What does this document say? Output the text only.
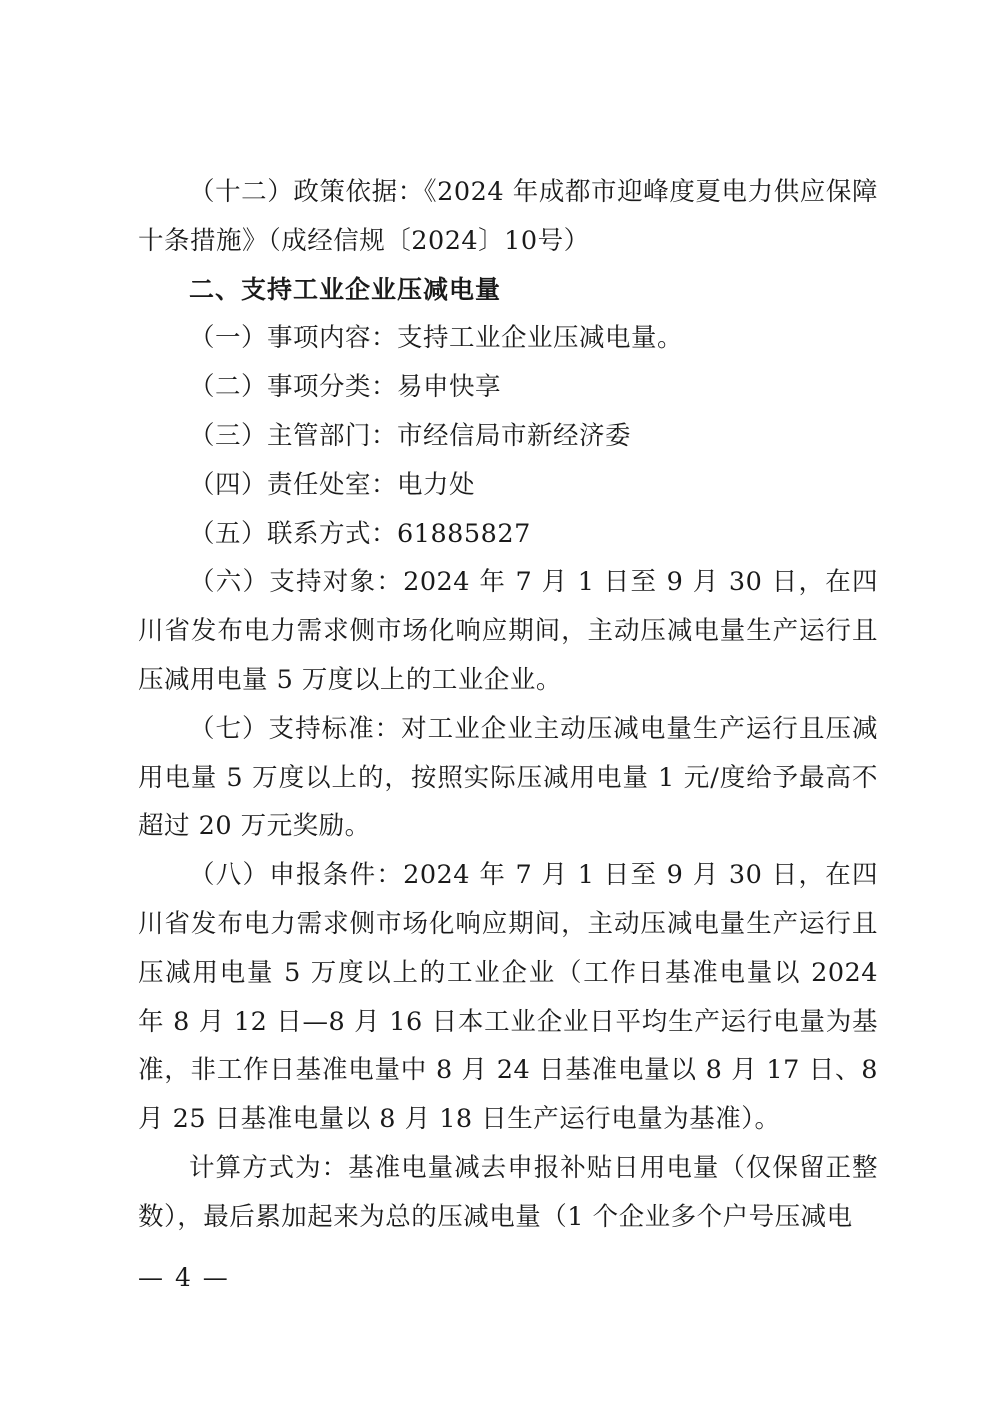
（十二）政策依据：《2024 年成都市迎峰度夏电力供应保障十条措施》（成经信规〔2024〕10号）

二、支持工业企业压减电量

（一）事项内容：支持工业企业压减电量。

（二）事项分类：易申快享

（三）主管部门：市经信局市新经济委

（四）责任处室：电力处

（五）联系方式：61885827

（六）支持对象：2024 年 7 月 1 日至 9 月 30 日，在四川省发布电力需求侧市场化响应期间，主动压减电量生产运行且压减用电量 5 万度以上的工业企业。

（七）支持标准：对工业企业主动压减电量生产运行且压减用电量 5 万度以上的，按照实际压减用电量 1 元/度给予最高不超过 20 万元奖励。

（八）申报条件：2024 年 7 月 1 日至 9 月 30 日，在四川省发布电力需求侧市场化响应期间，主动压减电量生产运行且压减用电量 5 万度以上的工业企业（工作日基准电量以 2024 年 8 月 12 日—8 月 16 日本工业企业日平均生产运行电量为基准，非工作日基准电量中 8 月 24 日基准电量以 8 月 17 日、8 月 25 日基准电量以 8 月 18 日生产运行电量为基准）。

计算方式为：基准电量减去申报补贴日用电量（仅保留正整数），最后累加起来为总的压减电量（1 个企业多个户号压减电

— 4 —
